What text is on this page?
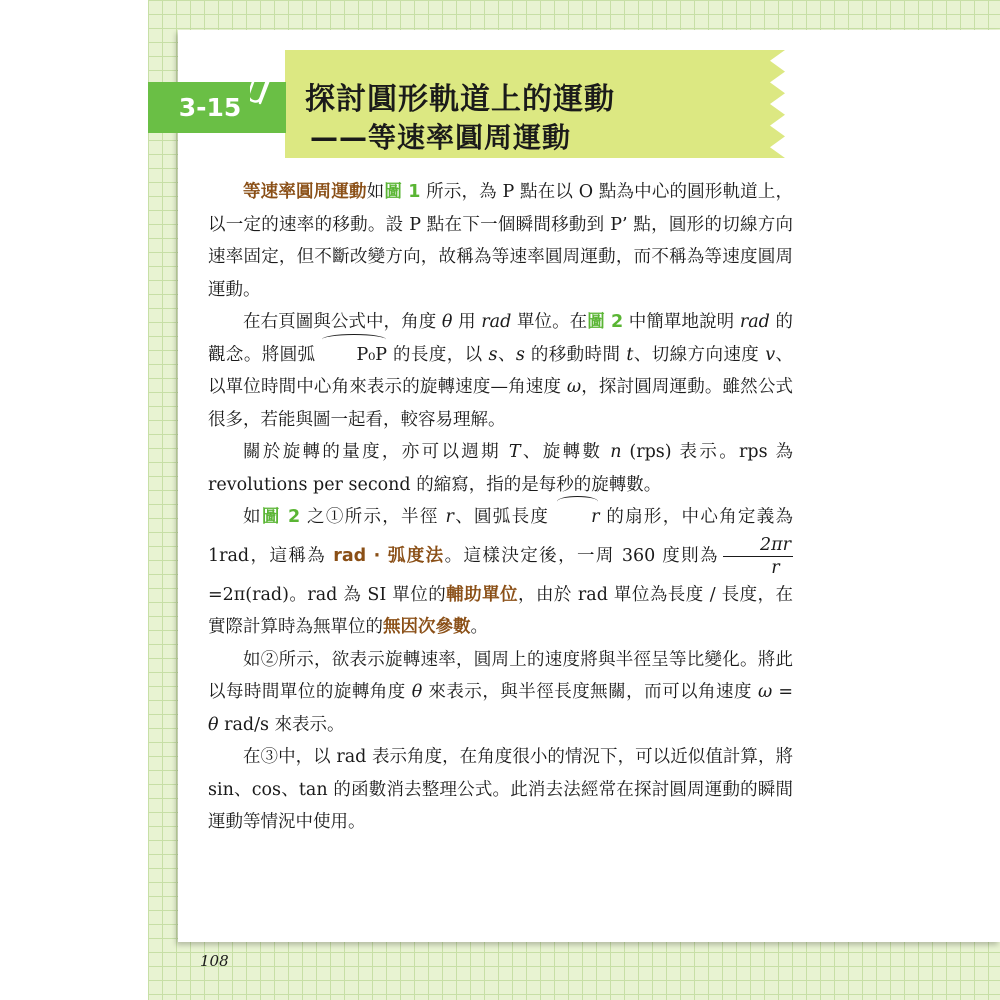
3-15 探討圓形軌道上的運動
——等速率圓周運動

等速率圓周運動如圖 1 所示，為 P 點在以 O 點為中心的圓形軌道上，以一定的速率的移動。設 P 點在下一個瞬間移動到 P’ 點，圓形的切線方向速率固定，但不斷改變方向，故稱為等速率圓周運動，而不稱為等速度圓周運動。

在右頁圖與公式中，角度 θ 用 rad 單位。在圖 2 中簡單地說明 rad 的觀念。將圓弧 P₀P 的長度，以 s、s 的移動時間 t、切線方向速度 v、以單位時間中心角來表示的旋轉速度—角速度 ω，探討圓周運動。雖然公式很多，若能與圖一起看，較容易理解。

關於旋轉的量度，亦可以週期 T、旋轉數 n (rps) 表示。rps 為 revolutions per second 的縮寫，指的是每秒的旋轉數。

如圖 2 之①所示，半徑 r、圓弧長度 r 的扇形，中心角定義為 1rad，這稱為 rad · 弧度法。這樣決定後，一周 360 度則為 $\frac{2\pi r}{r}$
=2π(rad)。rad 為 SI 單位的輔助單位，由於 rad 單位為長度 / 長度，在實際計算時為無單位的無因次參數。

如②所示，欲表示旋轉速率，圓周上的速度將與半徑呈等比變化。將此以每時間單位的旋轉角度 θ 來表示，與半徑長度無關，而可以角速度 ω = θ rad/s 來表示。

在③中，以 rad 表示角度，在角度很小的情況下，可以近似值計算，將 sin、cos、tan 的函數消去整理公式。此消去法經常在探討圓周運動的瞬間運動等情況中使用。

108
